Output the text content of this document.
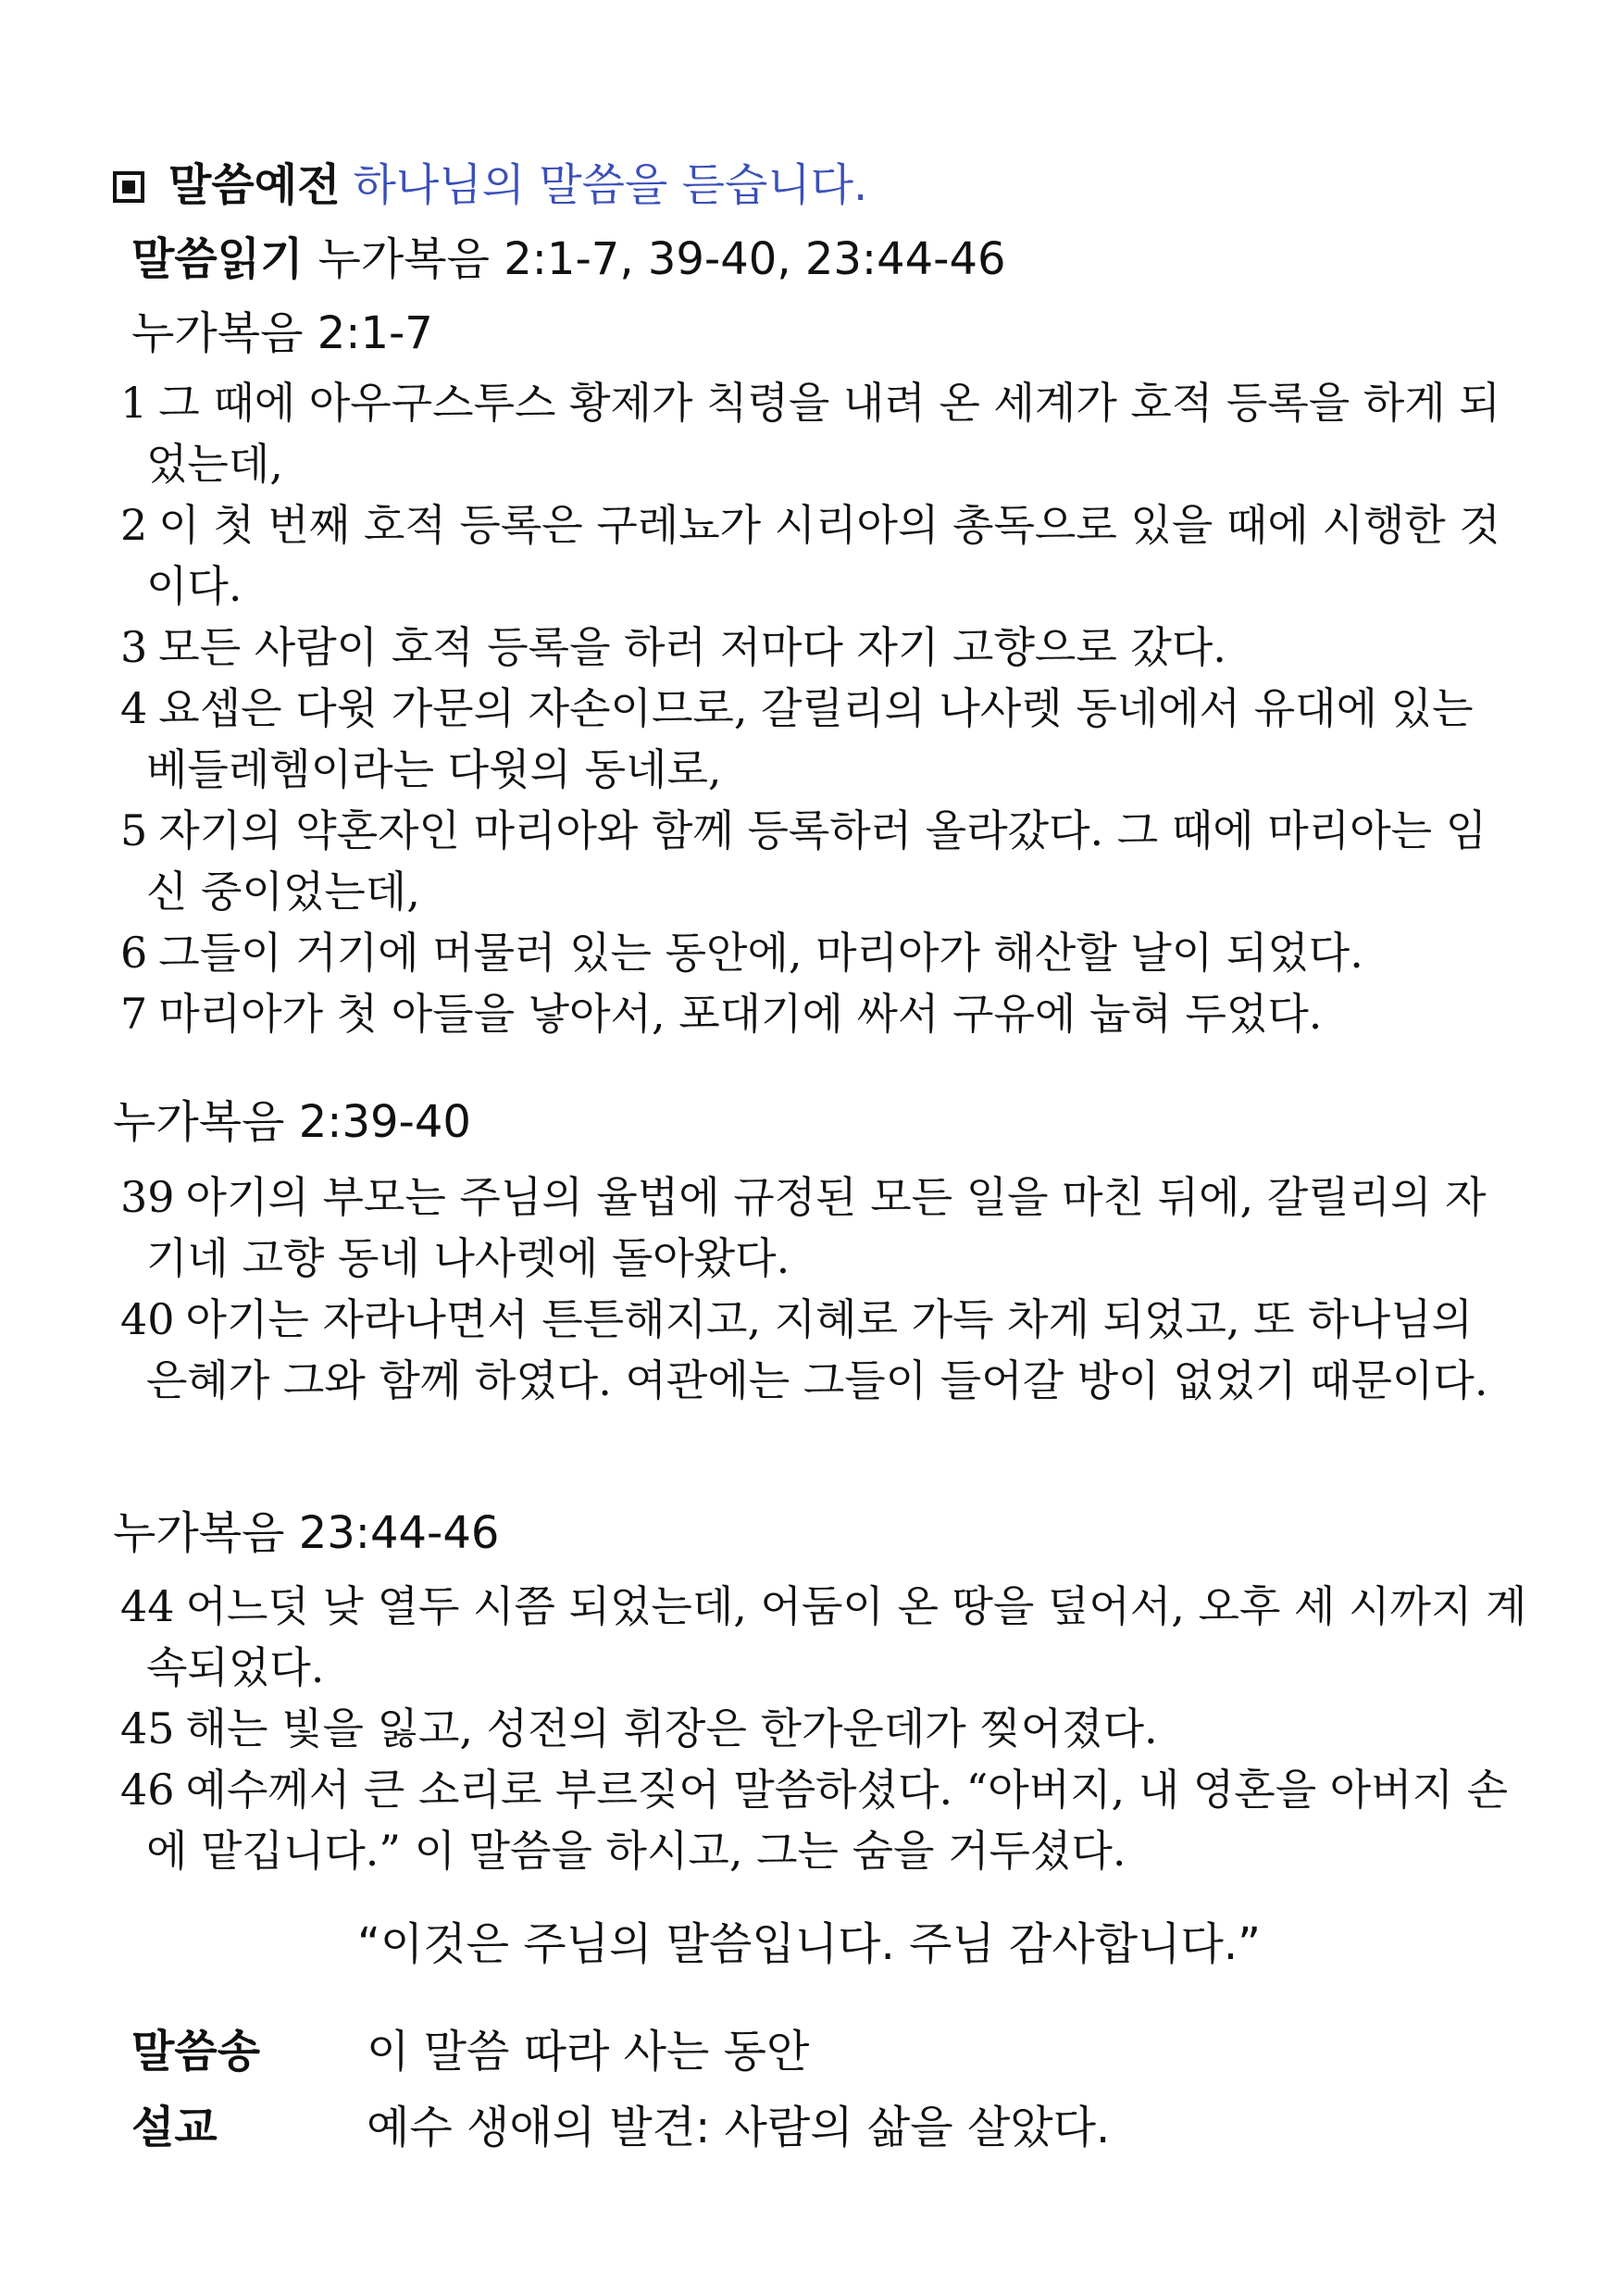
말씀예전 하나님의 말씀을 듣습니다.
말씀읽기 누가복음 2:1-7, 39-40, 23:44-46
누가복음 2:1-7
1 그 때에 아우구스투스 황제가 칙령을 내려 온 세계가 호적 등록을 하게 되었는데,
2 이 첫 번째 호적 등록은 구레뇨가 시리아의 총독으로 있을 때에 시행한 것이다.
3 모든 사람이 호적 등록을 하러 저마다 자기 고향으로 갔다.
4 요셉은 다윗 가문의 자손이므로, 갈릴리의 나사렛 동네에서 유대에 있는 베들레헴이라는 다윗의 동네로,
5 자기의 약혼자인 마리아와 함께 등록하러 올라갔다. 그 때에 마리아는 임신 중이었는데,
6 그들이 거기에 머물러 있는 동안에, 마리아가 해산할 날이 되었다.
7 마리아가 첫 아들을 낳아서, 포대기에 싸서 구유에 눕혀 두었다.
누가복음 2:39-40
39 아기의 부모는 주님의 율법에 규정된 모든 일을 마친 뒤에, 갈릴리의 자기네 고향 동네 나사렛에 돌아왔다.
40 아기는 자라나면서 튼튼해지고, 지혜로 가득 차게 되었고, 또 하나님의 은혜가 그와 함께 하였다. 여관에는 그들이 들어갈 방이 없었기 때문이다.
누가복음 23:44-46
44 어느덧 낮 열두 시쯤 되었는데, 어둠이 온 땅을 덮어서, 오후 세 시까지 계속되었다.
45 해는 빛을 잃고, 성전의 휘장은 한가운데가 찢어졌다.
46 예수께서 큰 소리로 부르짖어 말씀하셨다. “아버지, 내 영혼을 아버지 손에 맡깁니다.” 이 말씀을 하시고, 그는 숨을 거두셨다.
“이것은 주님의 말씀입니다. 주님 감사합니다.”
말씀송 이 말씀 따라 사는 동안
설교	예수 생애의 발견: 사람의 삶을 살았다.
